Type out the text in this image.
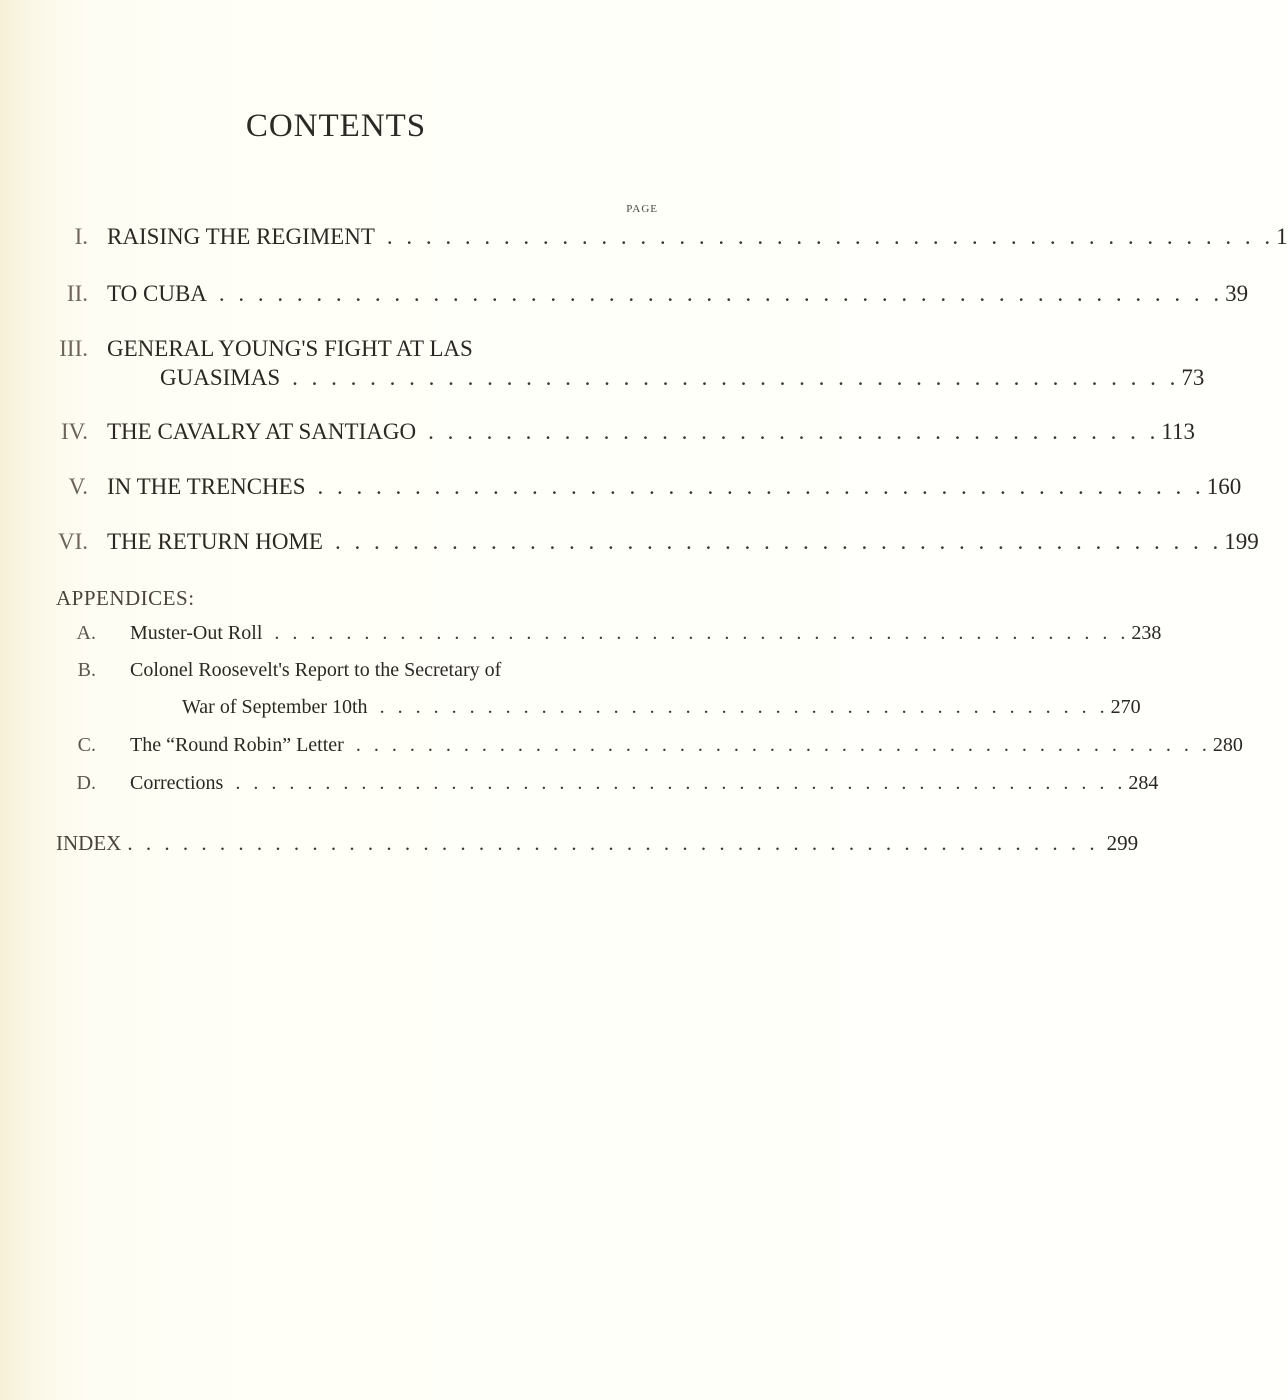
CONTENTS
PAGE
I. RAISING THE REGIMENT . . . . . . . . . . . . . . . . . . . . . . . . . . . . . . . . . . . . . . . . . . . . . . 1
II. TO CUBA . . . . . . . . . . . . . . . . . . . . . . . . . . . . . . . . . . . . . . . . . . . . . . . . . . . . 39
III. GENERAL YOUNG'S FIGHT AT LAS
GUASIMAS . . . . . . . . . . . . . . . . . . . . . . . . . . . . . . . . . . . . . . . . . . . . . . 73
IV. THE CAVALRY AT SANTIAGO . . . . . . . . . . . . . . . . . . . . . . . . . . . . . . . . . . . . . . 113
V. IN THE TRENCHES . . . . . . . . . . . . . . . . . . . . . . . . . . . . . . . . . . . . . . . . . . . . . . 160
VI. THE RETURN HOME . . . . . . . . . . . . . . . . . . . . . . . . . . . . . . . . . . . . . . . . . . . . . . 199
APPENDICES:
A. Muster-Out Roll . . . . . . . . . . . . . . . . . . . . . . . . . . . . . . . . . . . . . . . . . . . . . . . . 238
B. Colonel Roosevelt's Report to the Secretary of
War of September 10th . . . . . . . . . . . . . . . . . . . . . . . . . . . . . . . . . . . . . . . . . 270
C. The “Round Robin” Letter . . . . . . . . . . . . . . . . . . . . . . . . . . . . . . . . . . . . . . . . . . . . . . . . 280
D. Corrections . . . . . . . . . . . . . . . . . . . . . . . . . . . . . . . . . . . . . . . . . . . . . . . . . . 284
INDEX . . . . . . . . . . . . . . . . . . . . . . . . . . . . . . . . . . . . . . . . . . . . . . . . . . . . . 299
